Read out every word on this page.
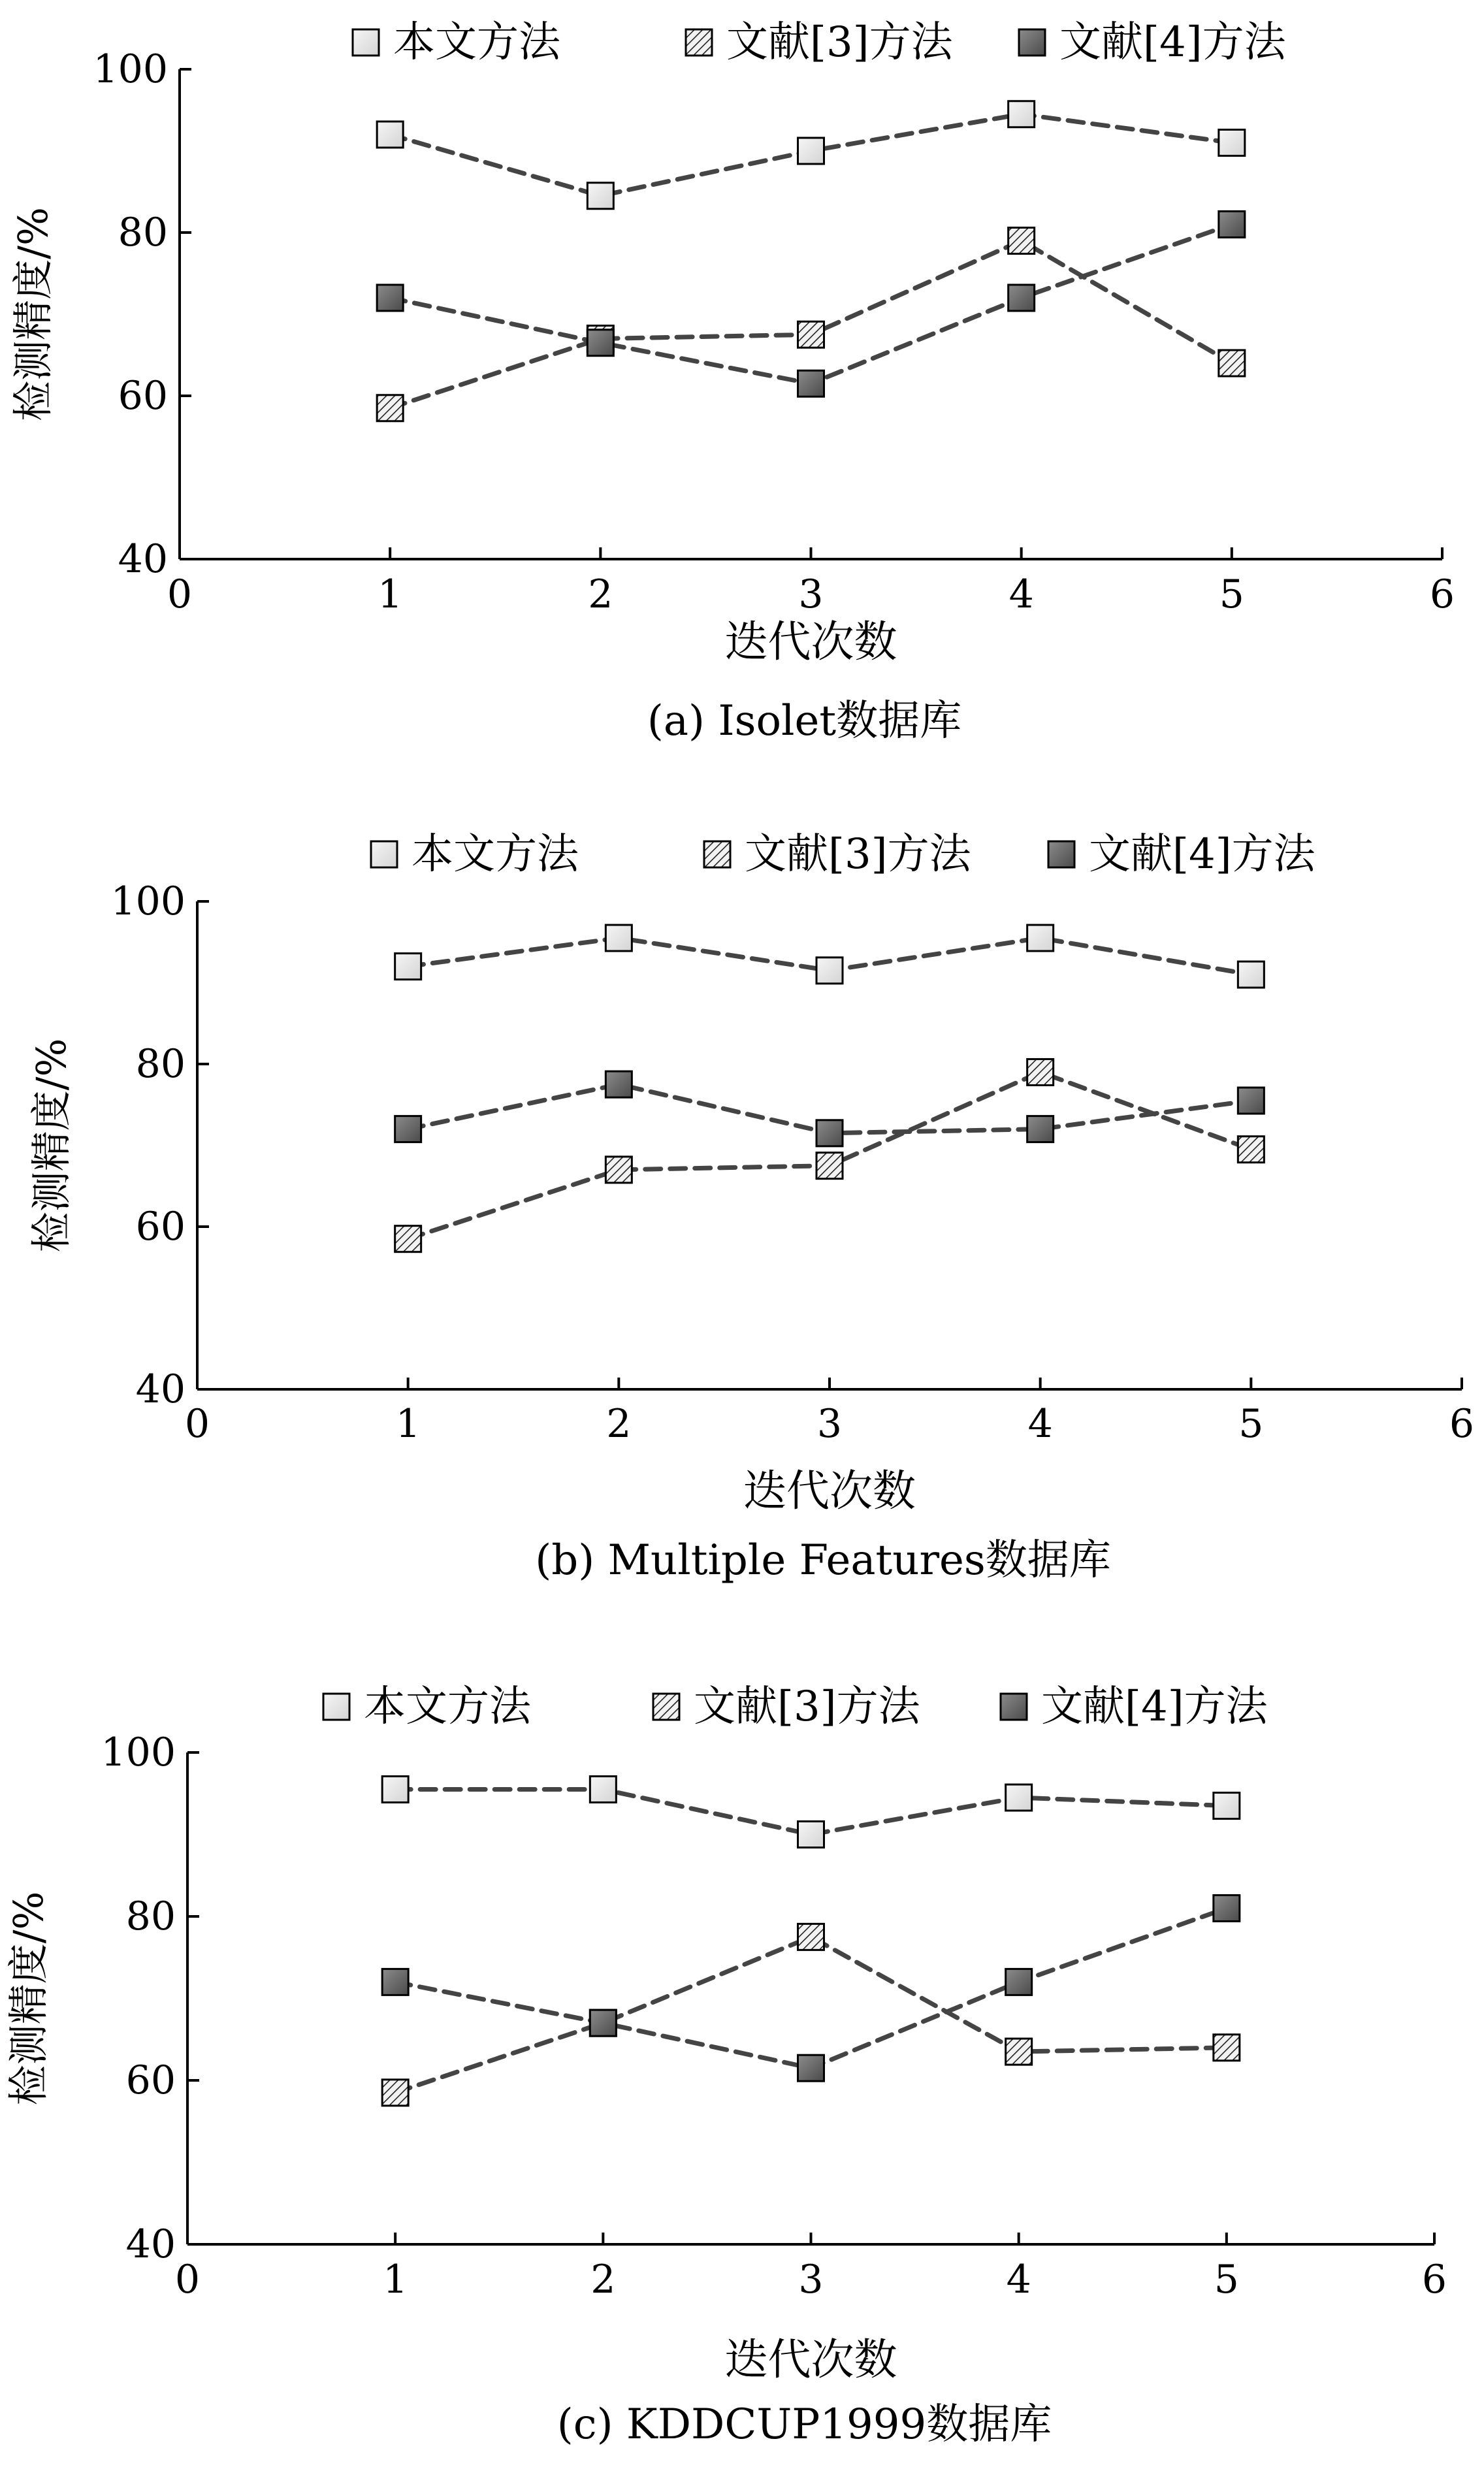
本文方法	文献[3]方法	文献[4]方法
40
60
80
100
0	1	2	3	4	5	6
迭代次数
检测精度/%
(a) Isolet数据库
本文方法	文献[3]方法	文献[4]方法
40
60
80
100
0	1	2	3	4	5	6
迭代次数
检测精度/%
(b) Multiple Features数据库
本文方法	文献[3]方法	文献[4]方法
40
60
80
100
0	1	2	3	4	5	6
迭代次数
检测精度/%
(c) KDDCUP1999数据库
